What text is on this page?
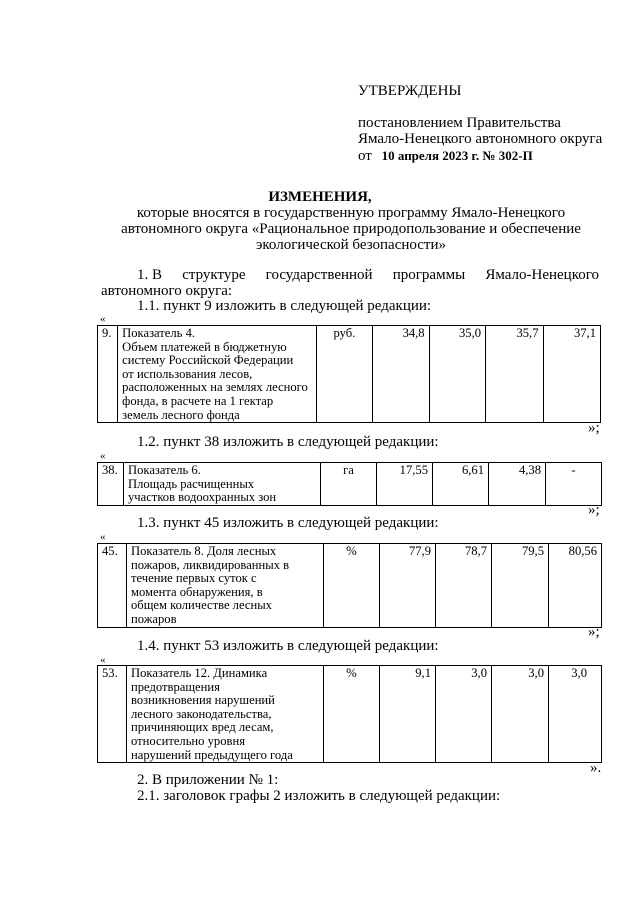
УТВЕРЖДЕНЫ
постановлением Правительства
Ямало-Ненецкого автономного округа
от 10 апреля 2023 г. № 302-П
ИЗМЕНЕНИЯ,
которые вносятся в государственную программу Ямало-Ненецкого
автономного округа «Рациональное природопользование и обеспечение
экологической безопасности»
1. В структуре государственной программы Ямало-Ненецкого
автономного округа:
1.1. пункт 9 изложить в следующей редакции:
«
9.	Показатель 4.
Объем платежей в бюджетную
систему Российской Федерации
от использования лесов,
расположенных на землях лесного
фонда, в расчете на 1 гектар
земель лесного фонда
	руб.	34,8	35,0	35,7	37,1
»;
1.2. пункт 38 изложить в следующей редакции:
«
38.	Показатель 6.
Площадь расчищенных
участков водоохранных зон
	га	17,55	6,61	4,38	-
»;
1.3. пункт 45 изложить в следующей редакции:
«
45.	Показатель 8. Доля лесных
пожаров, ликвидированных в
течение первых суток с
момента обнаружения, в
общем количестве лесных
пожаров
	%	77,9	78,7	79,5	80,56
»;
1.4. пункт 53 изложить в следующей редакции:
«
53.	Показатель 12. Динамика
предотвращения
возникновения нарушений
лесного законодательства,
причиняющих вред лесам,
относительно уровня
нарушений предыдущего года
	%	9,1	3,0	3,0	3,0
».
2. В приложении № 1:
2.1. заголовок графы 2 изложить в следующей редакции:
